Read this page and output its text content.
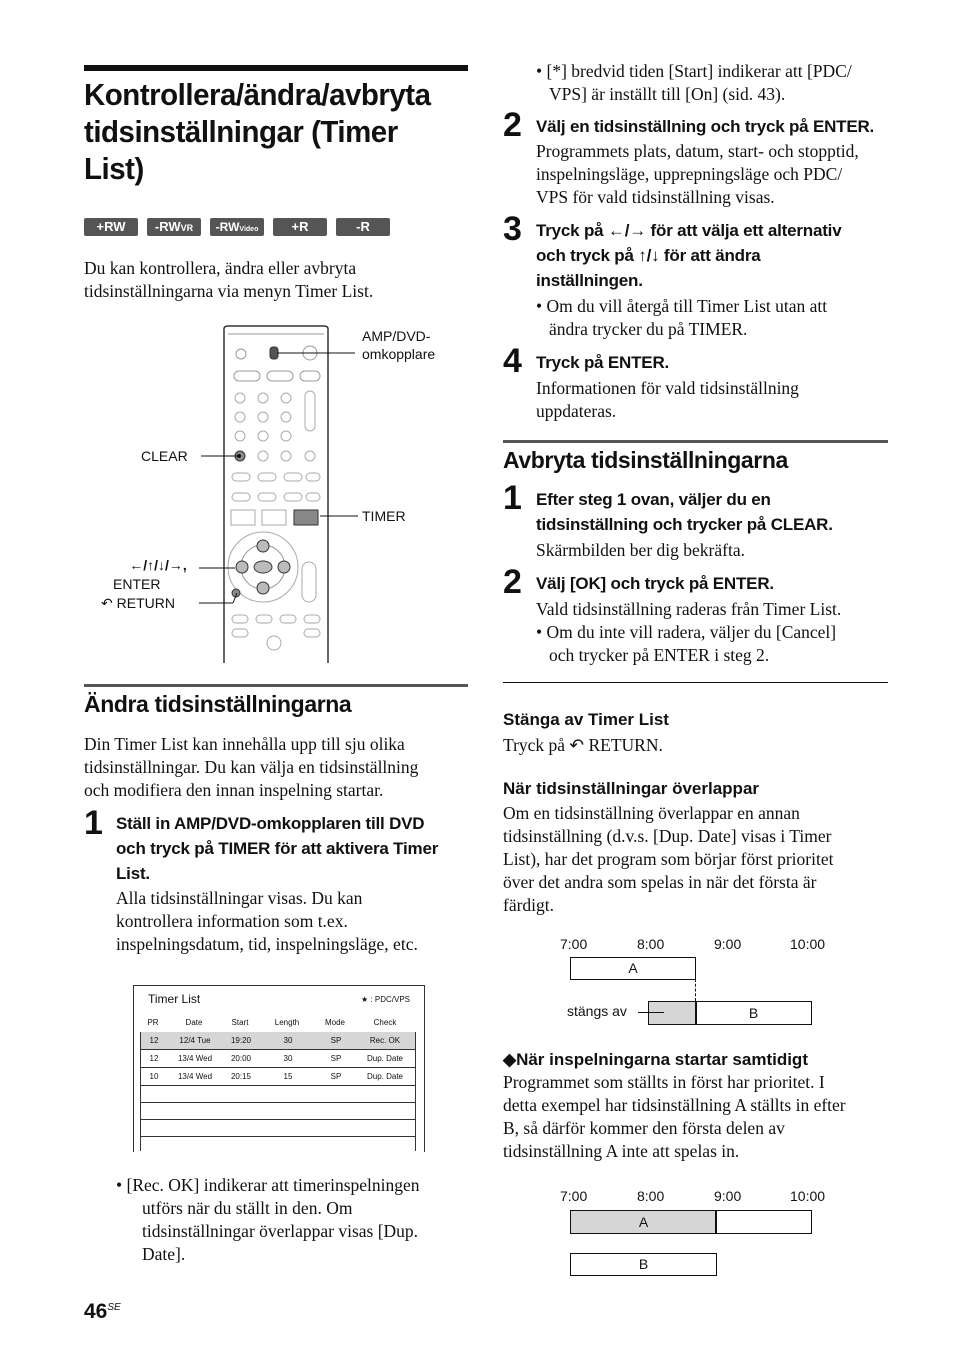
Kontrollera/ändra/avbryta
tidsinställningar (Timer
List)
+RW	-RWVR	-RWVideo	+R	-R
Du kan kontrollera, ändra eller avbryta
tidsinställningarna via menyn Timer List.
AMP/DVD-
omkopplare
CLEAR
TIMER
←/↑/↓/→,
ENTER
↶ RETURN
Ändra tidsinställningarna
Din Timer List kan innehålla upp till sju olika
tidsinställningar. Du kan välja en tidsinställning
och modifiera den innan inspelning startar.
1 Ställ in AMP/DVD-omkopplaren till DVD
och tryck på TIMER för att aktivera Timer
List.
Alla tidsinställningar visas. Du kan
kontrollera information som t.ex.
inspelningsdatum, tid, inspelningsläge, etc.
Timer List	★ : PDC/VPS
PR	Date	Start	Length	Mode	Check
12	12/4 Tue	19:20	30	SP	Rec. OK
12	13/4 Wed	20:00	30	SP	Dup. Date
10	13/4 Wed	20:15	15	SP	Dup. Date

• [Rec. OK] indikerar att timerinspelningen
utförs när du ställt in den. Om
tidsinställningar överlappar visas [Dup.
Date].
$46^{SE}$
• [*] bredvid tiden [Start] indikerar att [PDC/
VPS] är inställt till [On] (sid. 43).
2 Välj en tidsinställning och tryck på ENTER.
Programmets plats, datum, start- och stopptid,
inspelningsläge, upprepningsläge och PDC/
VPS för vald tidsinställning visas.
3 Tryck på ←/→ för att välja ett alternativ
och tryck på ↑/↓ för att ändra
inställningen.
• Om du vill återgå till Timer List utan att
ändra trycker du på TIMER.
4 Tryck på ENTER.
Informationen för vald tidsinställning
uppdateras.
Avbryta tidsinställningarna
1 Efter steg 1 ovan, väljer du en
tidsinställning och trycker på CLEAR.
Skärmbilden ber dig bekräfta.
2 Välj [OK] och tryck på ENTER.
Vald tidsinställning raderas från Timer List.
• Om du inte vill radera, väljer du [Cancel]
och trycker på ENTER i steg 2.
Stänga av Timer List
Tryck på ↶ RETURN.
När tidsinställningar överlappar
Om en tidsinställning överlappar en annan
tidsinställning (d.v.s. [Dup. Date] visas i Timer
List), har det program som börjar först prioritet
över det andra som spelas in när det första är
färdigt.
7:00	8:00	9:00	10:00
A
B
stängs av
◆När inspelningarna startar samtidigt
Programmet som ställts in först har prioritet. I
detta exempel har tidsinställning A ställts in efter
B, så därför kommer den första delen av
tidsinställning A inte att spelas in.
7:00	8:00	9:00	10:00
A
B
